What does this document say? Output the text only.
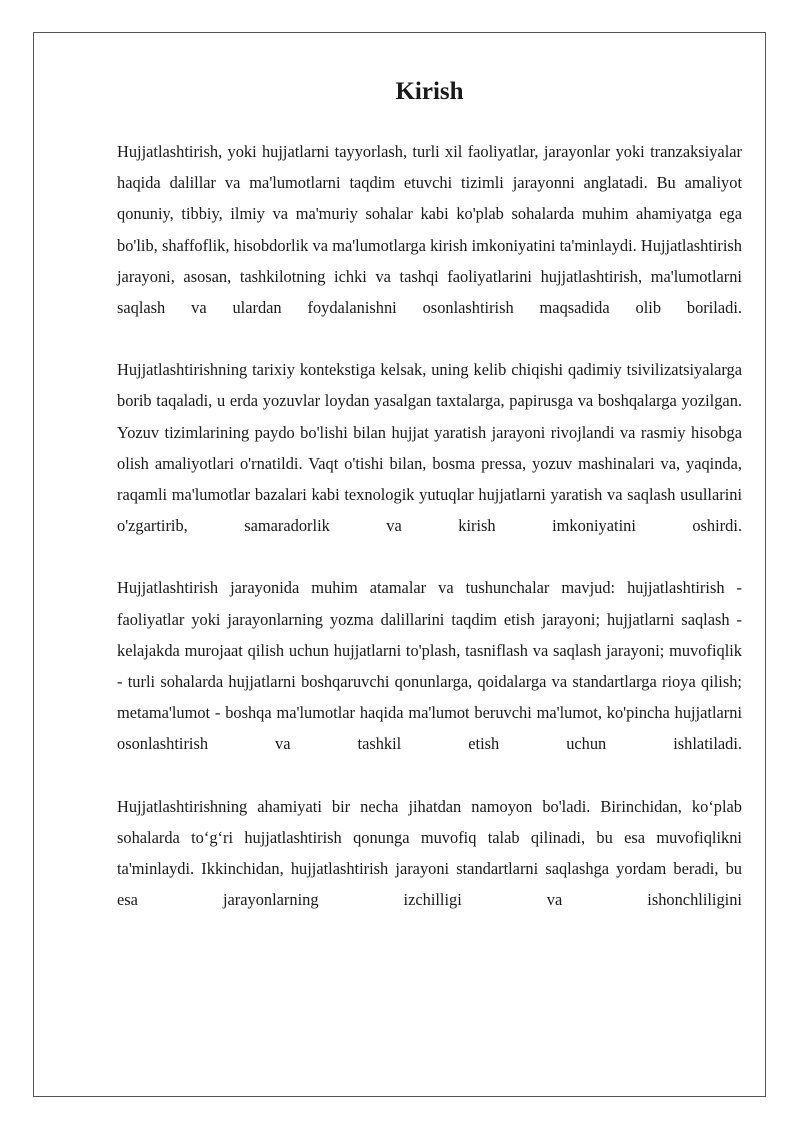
Kirish

Hujjatlashtirish, yoki hujjatlarni tayyorlash, turli xil faoliyatlar, jarayonlar yoki tranzaksiyalar haqida dalillar va ma'lumotlarni taqdim etuvchi tizimli jarayonni anglatadi. Bu amaliyot qonuniy, tibbiy, ilmiy va ma'muriy sohalar kabi ko'plab sohalarda muhim ahamiyatga ega bo'lib, shaffoflik, hisobdorlik va ma'lumotlarga kirish imkoniyatini ta'minlaydi. Hujjatlashtirish jarayoni, asosan, tashkilotning ichki va tashqi faoliyatlarini hujjatlashtirish, ma'lumotlarni saqlash va ulardan foydalanishni osonlashtirish maqsadida olib boriladi.

Hujjatlashtirishning tarixiy kontekstiga kelsak, uning kelib chiqishi qadimiy tsivilizatsiyalarga borib taqaladi, u erda yozuvlar loydan yasalgan taxtalarga, papirusga va boshqalarga yozilgan. Yozuv tizimlarining paydo bo'lishi bilan hujjat yaratish jarayoni rivojlandi va rasmiy hisobga olish amaliyotlari o'rnatildi. Vaqt o'tishi bilan, bosma pressa, yozuv mashinalari va, yaqinda, raqamli ma'lumotlar bazalari kabi texnologik yutuqlar hujjatlarni yaratish va saqlash usullarini o'zgartirib, samaradorlik va kirish imkoniyatini oshirdi.

Hujjatlashtirish jarayonida muhim atamalar va tushunchalar mavjud: hujjatlashtirish - faoliyatlar yoki jarayonlarning yozma dalillarini taqdim etish jarayoni; hujjatlarni saqlash - kelajakda murojaat qilish uchun hujjatlarni to'plash, tasniflash va saqlash jarayoni; muvofiqlik - turli sohalarda hujjatlarni boshqaruvchi qonunlarga, qoidalarga va standartlarga rioya qilish; metama'lumot - boshqa ma'lumotlar haqida ma'lumot beruvchi ma'lumot, ko'pincha hujjatlarni osonlashtirish va tashkil etish uchun ishlatiladi.

Hujjatlashtirishning ahamiyati bir necha jihatdan namoyon bo'ladi. Birinchidan, ko‘plab sohalarda to‘g‘ri hujjatlashtirish qonunga muvofiq talab qilinadi, bu esa muvofiqlikni ta'minlaydi. Ikkinchidan, hujjatlashtirish jarayoni standartlarni saqlashga yordam beradi, bu esa jarayonlarning izchilligi va ishonchliligini
